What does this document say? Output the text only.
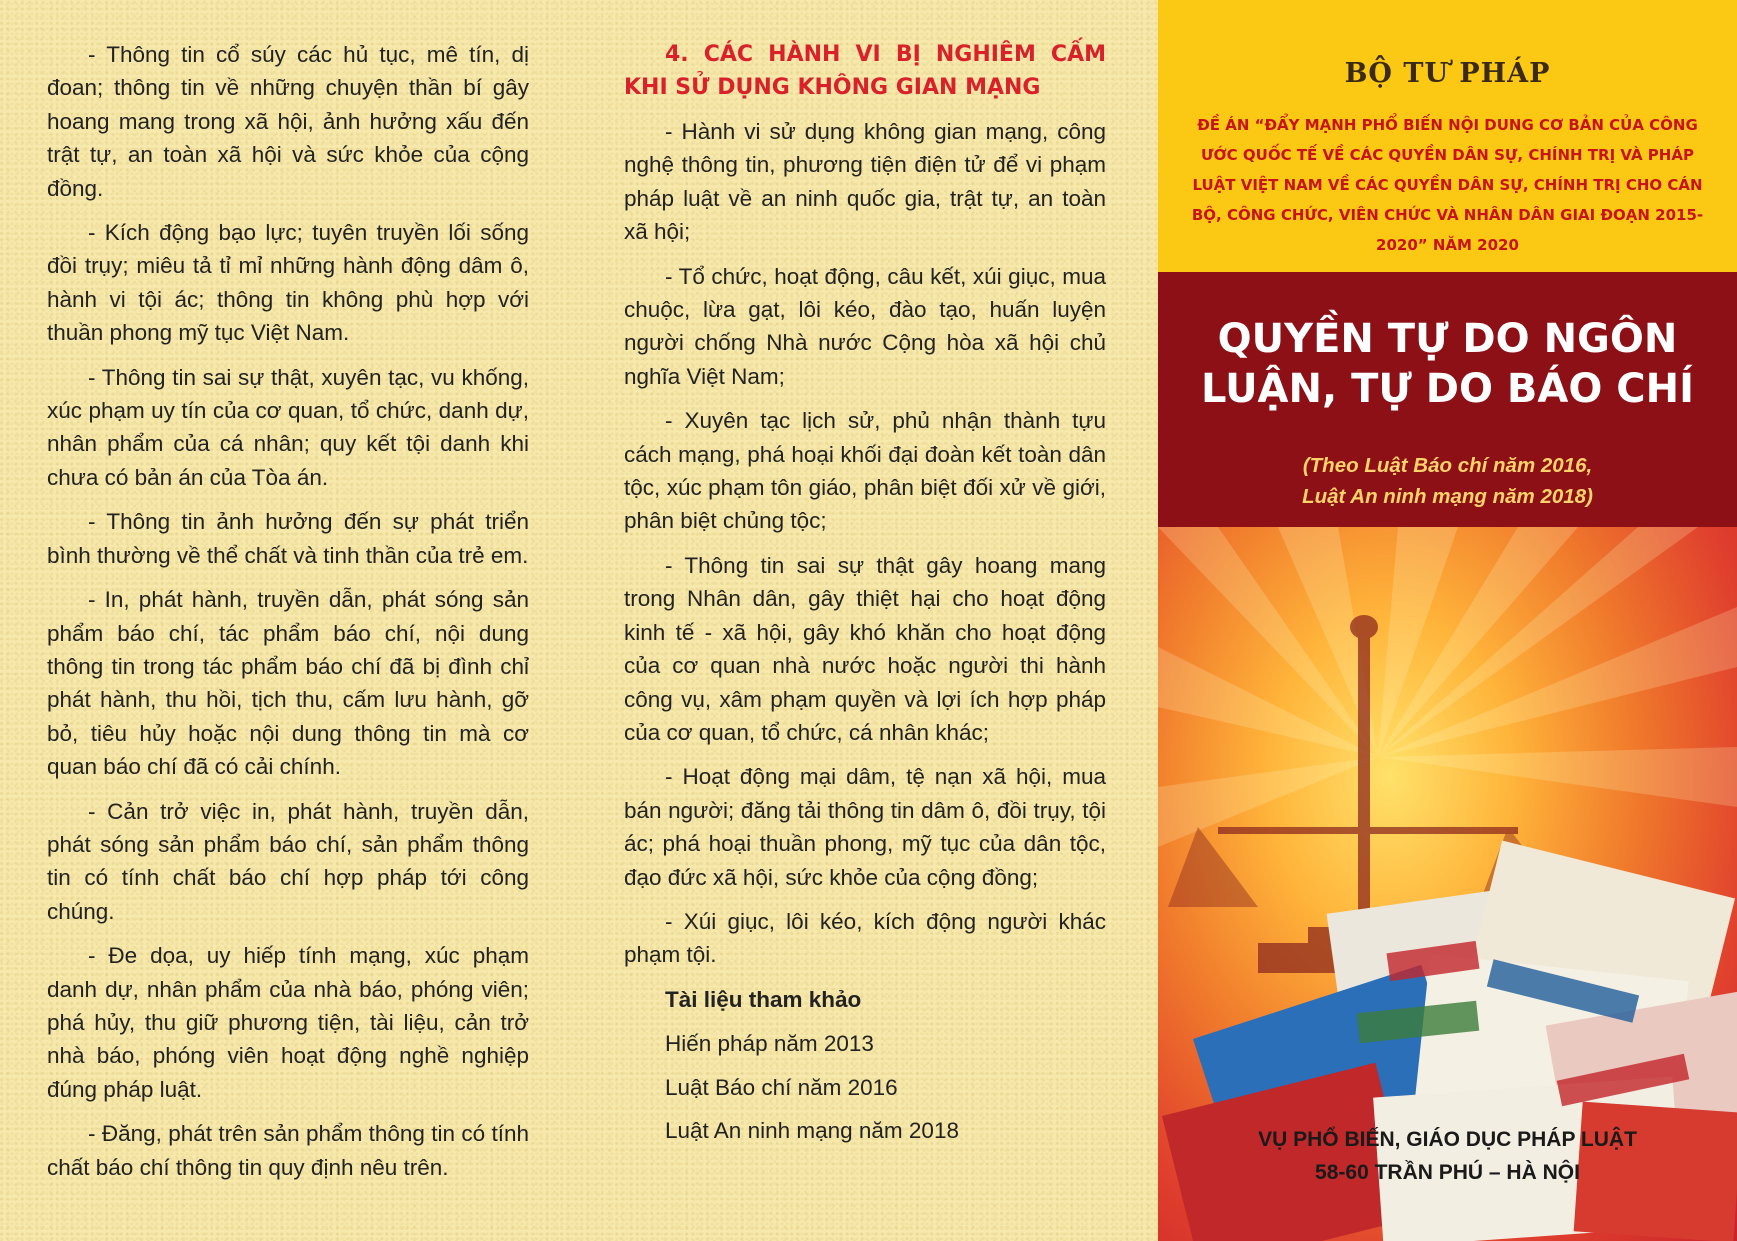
- Thông tin cổ súy các hủ tục, mê tín, dị đoan; thông tin về những chuyện thần bí gây hoang mang trong xã hội, ảnh hưởng xấu đến trật tự, an toàn xã hội và sức khỏe của cộng đồng.

- Kích động bạo lực; tuyên truyền lối sống đồi trụy; miêu tả tỉ mỉ những hành động dâm ô, hành vi tội ác; thông tin không phù hợp với thuần phong mỹ tục Việt Nam.

- Thông tin sai sự thật, xuyên tạc, vu khống, xúc phạm uy tín của cơ quan, tổ chức, danh dự, nhân phẩm của cá nhân; quy kết tội danh khi chưa có bản án của Tòa án.

- Thông tin ảnh hưởng đến sự phát triển bình thường về thể chất và tinh thần của trẻ em.

- In, phát hành, truyền dẫn, phát sóng sản phẩm báo chí, tác phẩm báo chí, nội dung thông tin trong tác phẩm báo chí đã bị đình chỉ phát hành, thu hồi, tịch thu, cấm lưu hành, gỡ bỏ, tiêu hủy hoặc nội dung thông tin mà cơ quan báo chí đã có cải chính.

- Cản trở việc in, phát hành, truyền dẫn, phát sóng sản phẩm báo chí, sản phẩm thông tin có tính chất báo chí hợp pháp tới công chúng.

- Đe dọa, uy hiếp tính mạng, xúc phạm danh dự, nhân phẩm của nhà báo, phóng viên; phá hủy, thu giữ phương tiện, tài liệu, cản trở nhà báo, phóng viên hoạt động nghề nghiệp đúng pháp luật.

- Đăng, phát trên sản phẩm thông tin có tính chất báo chí thông tin quy định nêu trên.

4. CÁC HÀNH VI BỊ NGHIÊM CẤM KHI SỬ DỤNG KHÔNG GIAN MẠNG

- Hành vi sử dụng không gian mạng, công nghệ thông tin, phương tiện điện tử để vi phạm pháp luật về an ninh quốc gia, trật tự, an toàn xã hội;

- Tổ chức, hoạt động, câu kết, xúi giục, mua chuộc, lừa gạt, lôi kéo, đào tạo, huấn luyện người chống Nhà nước Cộng hòa xã hội chủ nghĩa Việt Nam;

- Xuyên tạc lịch sử, phủ nhận thành tựu cách mạng, phá hoại khối đại đoàn kết toàn dân tộc, xúc phạm tôn giáo, phân biệt đối xử về giới, phân biệt chủng tộc;

- Thông tin sai sự thật gây hoang mang trong Nhân dân, gây thiệt hại cho hoạt động kinh tế - xã hội, gây khó khăn cho hoạt động của cơ quan nhà nước hoặc người thi hành công vụ, xâm phạm quyền và lợi ích hợp pháp của cơ quan, tổ chức, cá nhân khác;

- Hoạt động mại dâm, tệ nạn xã hội, mua bán người; đăng tải thông tin dâm ô, đồi trụy, tội ác; phá hoại thuần phong, mỹ tục của dân tộc, đạo đức xã hội, sức khỏe của cộng đồng;

- Xúi giục, lôi kéo, kích động người khác phạm tội.

Tài liệu tham khảo

Hiến pháp năm 2013

Luật Báo chí năm 2016

Luật An ninh mạng năm 2018

BỘ TƯ PHÁP
ĐỀ ÁN “ĐẨY MẠNH PHỔ BIẾN NỘI DUNG CƠ BẢN CỦA CÔNG ƯỚC QUỐC TẾ VỀ CÁC QUYỀN DÂN SỰ, CHÍNH TRỊ VÀ PHÁP LUẬT VIỆT NAM VỀ CÁC QUYỀN DÂN SỰ, CHÍNH TRỊ CHO CÁN BỘ, CÔNG CHỨC, VIÊN CHỨC VÀ NHÂN DÂN GIAI ĐOẠN 2015-2020” NĂM 2020
QUYỀN TỰ DO NGÔN
LUẬN, TỰ DO BÁO CHÍ
(Theo Luật Báo chí năm 2016,
Luật An ninh mạng năm 2018)
VỤ PHỔ BIẾN, GIÁO DỤC PHÁP LUẬT
58-60 TRẦN PHÚ – HÀ NỘI
